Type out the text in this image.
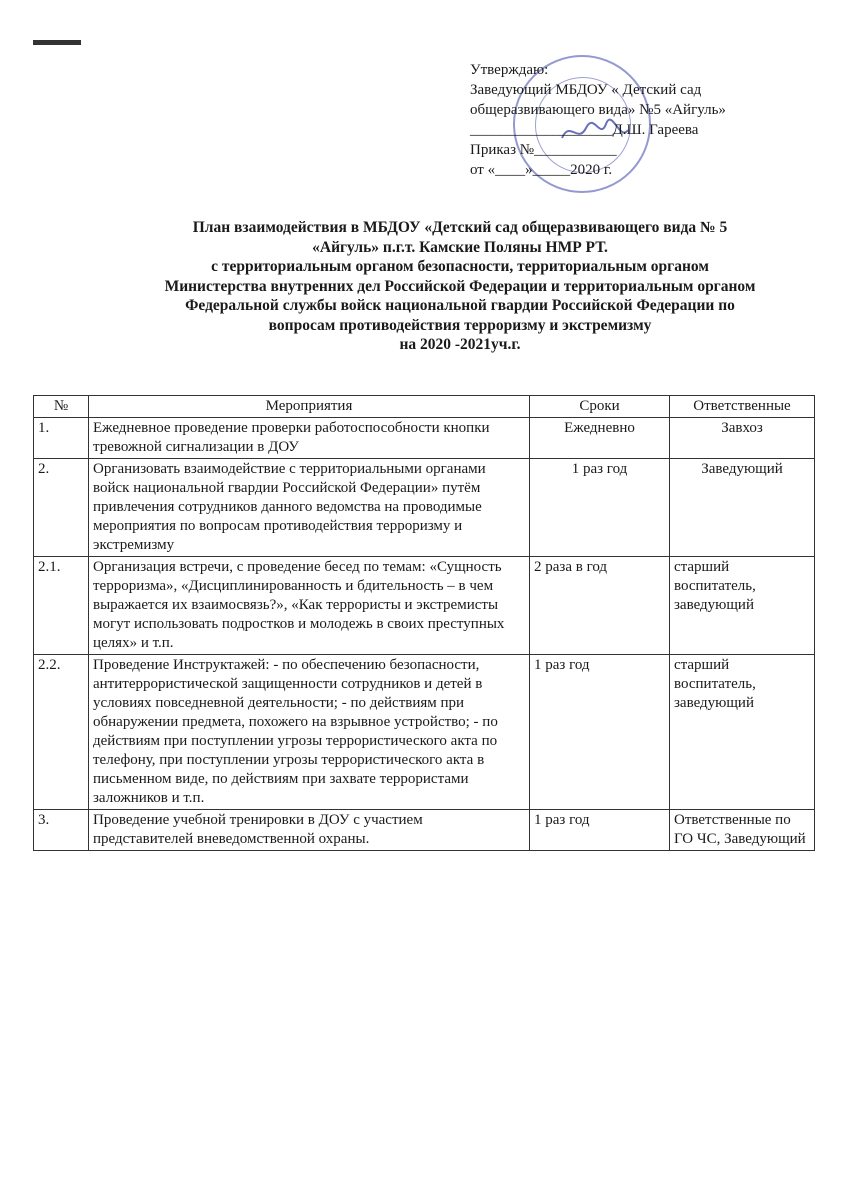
Утверждаю:
Заведующий МБДОУ « Детский сад
общеразвивающего вида» №5 «Айгуль»
___________________Д.Ш. Гареева
Приказ №___________
от «____»_____2020 г.
План взаимодействия в МБДОУ «Детский сад общеразвивающего вида № 5
«Айгуль» п.г.т. Камские Поляны НМР РТ.
с территориальным органом безопасности, территориальным органом
Министерства внутренних дел Российской Федерации и территориальным органом
Федеральной службы войск национальной гвардии Российской Федерации по
вопросам противодействия терроризму и экстремизму
на 2020 -2021уч.г.
№	Мероприятия	Сроки	Ответственные
1.	Ежедневное проведение проверки работоспособности кнопки тревожной сигнализации в ДОУ	Ежедневно	Завхоз
2.	Организовать взаимодействие с территориальными органами войск национальной гвардии Российской Федерации» путём привлечения сотрудников данного ведомства на проводимые мероприятия по вопросам противодействия терроризму и экстремизму	1 раз год	Заведующий
2.1.	Организация встречи, с проведение бесед по темам: «Сущность терроризма», «Дисциплинированность и бдительность – в чем выражается их взаимосвязь?», «Как террористы и экстремисты могут использовать подростков и молодежь в своих преступных целях» и т.п.	2 раза в год	старший воспитатель, заведующий
2.2.	Проведение Инструктажей: - по обеспечению безопасности, антитеррористической защищенности сотрудников и детей в условиях повседневной деятельности; - по действиям при обнаружении предмета, похожего на взрывное устройство; - по действиям при поступлении угрозы террористического акта по телефону, при поступлении угрозы террористического акта в письменном виде, по действиям при захвате террористами заложников и т.п.	1 раз год	старший воспитатель, заведующий
3.	Проведение учебной тренировки в ДОУ с участием представителей вневедомственной охраны.	1 раз год	Ответственные по ГО ЧС, Заведующий
